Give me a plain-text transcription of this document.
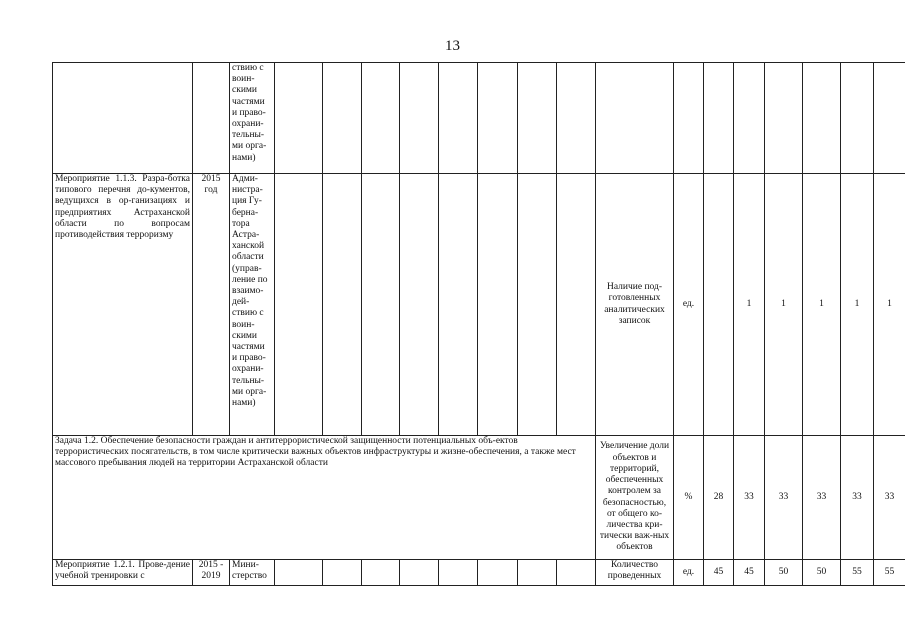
13
		ствию с воин-скими частями и право-охрани-тельны-ми орга-нами)																
Мероприятие 1.1.3. Разра-ботка типового перечня до-кументов, ведущихся в ор-ганизациях и предприятиях Астраханской области по вопросам противодействия терроризму	2015 год	Адми-нистра-ция Гу-берна-тора Астра-ханской области (управ-ление по взаимо-дей-ствию с воин-скими частями и право-охрани-тельны-ми орга-нами)									Наличие под-готовленных аналитических записок	ед.		1	1	1	1	1
Задача 1.2. Обеспечение безопасности граждан и антитеррористической защищенности потенциальных объ-ектов террористических посягательств, в том числе критически важных объектов инфраструктуры и жизне-обеспечения, а также мест массового пребывания людей на территории Астраханской области											Увеличение доли объектов и территорий, обеспеченных контролем за безопасностью, от общего ко-личества кри-тически важ-ных объектов	%	28	33	33	33	33	33
Мероприятие 1.2.1. Прове-дение учебной тренировки с	2015 - 2019	Мини-стерство									Количество проведенных	ед.	45	45	50	50	55	55
